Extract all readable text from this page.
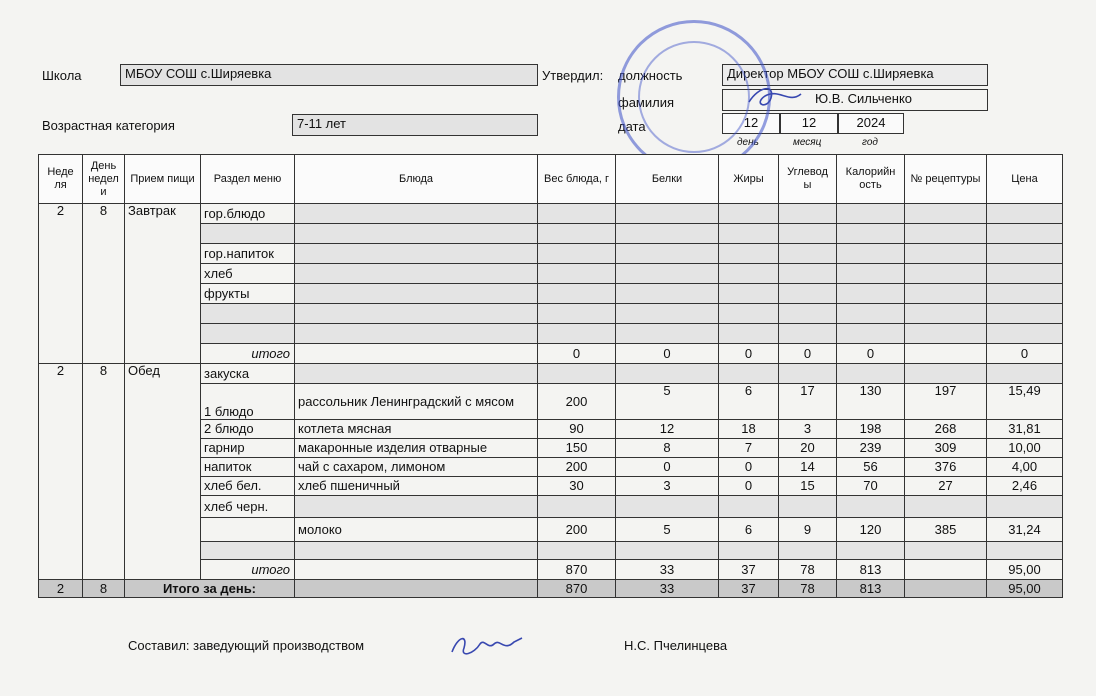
Школа	МБОУ СОШ с.Ширяевка	Утвердил: должность	Директор МБОУ СОШ с.Ширяевка
фамилия	Ю.В. Сильченко
Возрастная категория	7-11 лет	дата	12	12	2024
день	месяц	год
Неде ля	День недел и	Прием пищи	Раздел меню	Блюда	Вес блюда, г	Белки	Жиры	Углевод ы	Калорийн ость	№ рецептуры	Цена
2	8	Завтрак	гор.блюдо								

			гор.напиток								
			хлеб								
			фрукты								

			итого		0	0	0	0	0		0
2	8	Обед	закуска								
			1 блюдо	рассольник Ленинградский с мясом	200	5	6	17	130	197	15,49
			2 блюдо	котлета мясная	90	12	18	3	198	268	31,81
			гарнир	макаронные изделия отварные	150	8	7	20	239	309	10,00
			напиток	чай с сахаром, лимоном	200	0	0	14	56	376	4,00
			хлеб бел.	хлеб пшеничный	30	3	0	15	70	27	2,46
			хлеб черн.								
				молоко	200	5	6	9	120	385	31,24

			итого		870	33	37	78	813		95,00
2	8	Итого за день:			870	33	37	78	813		95,00
Составил: заведующий производством	Н.С. Пчелинцева
